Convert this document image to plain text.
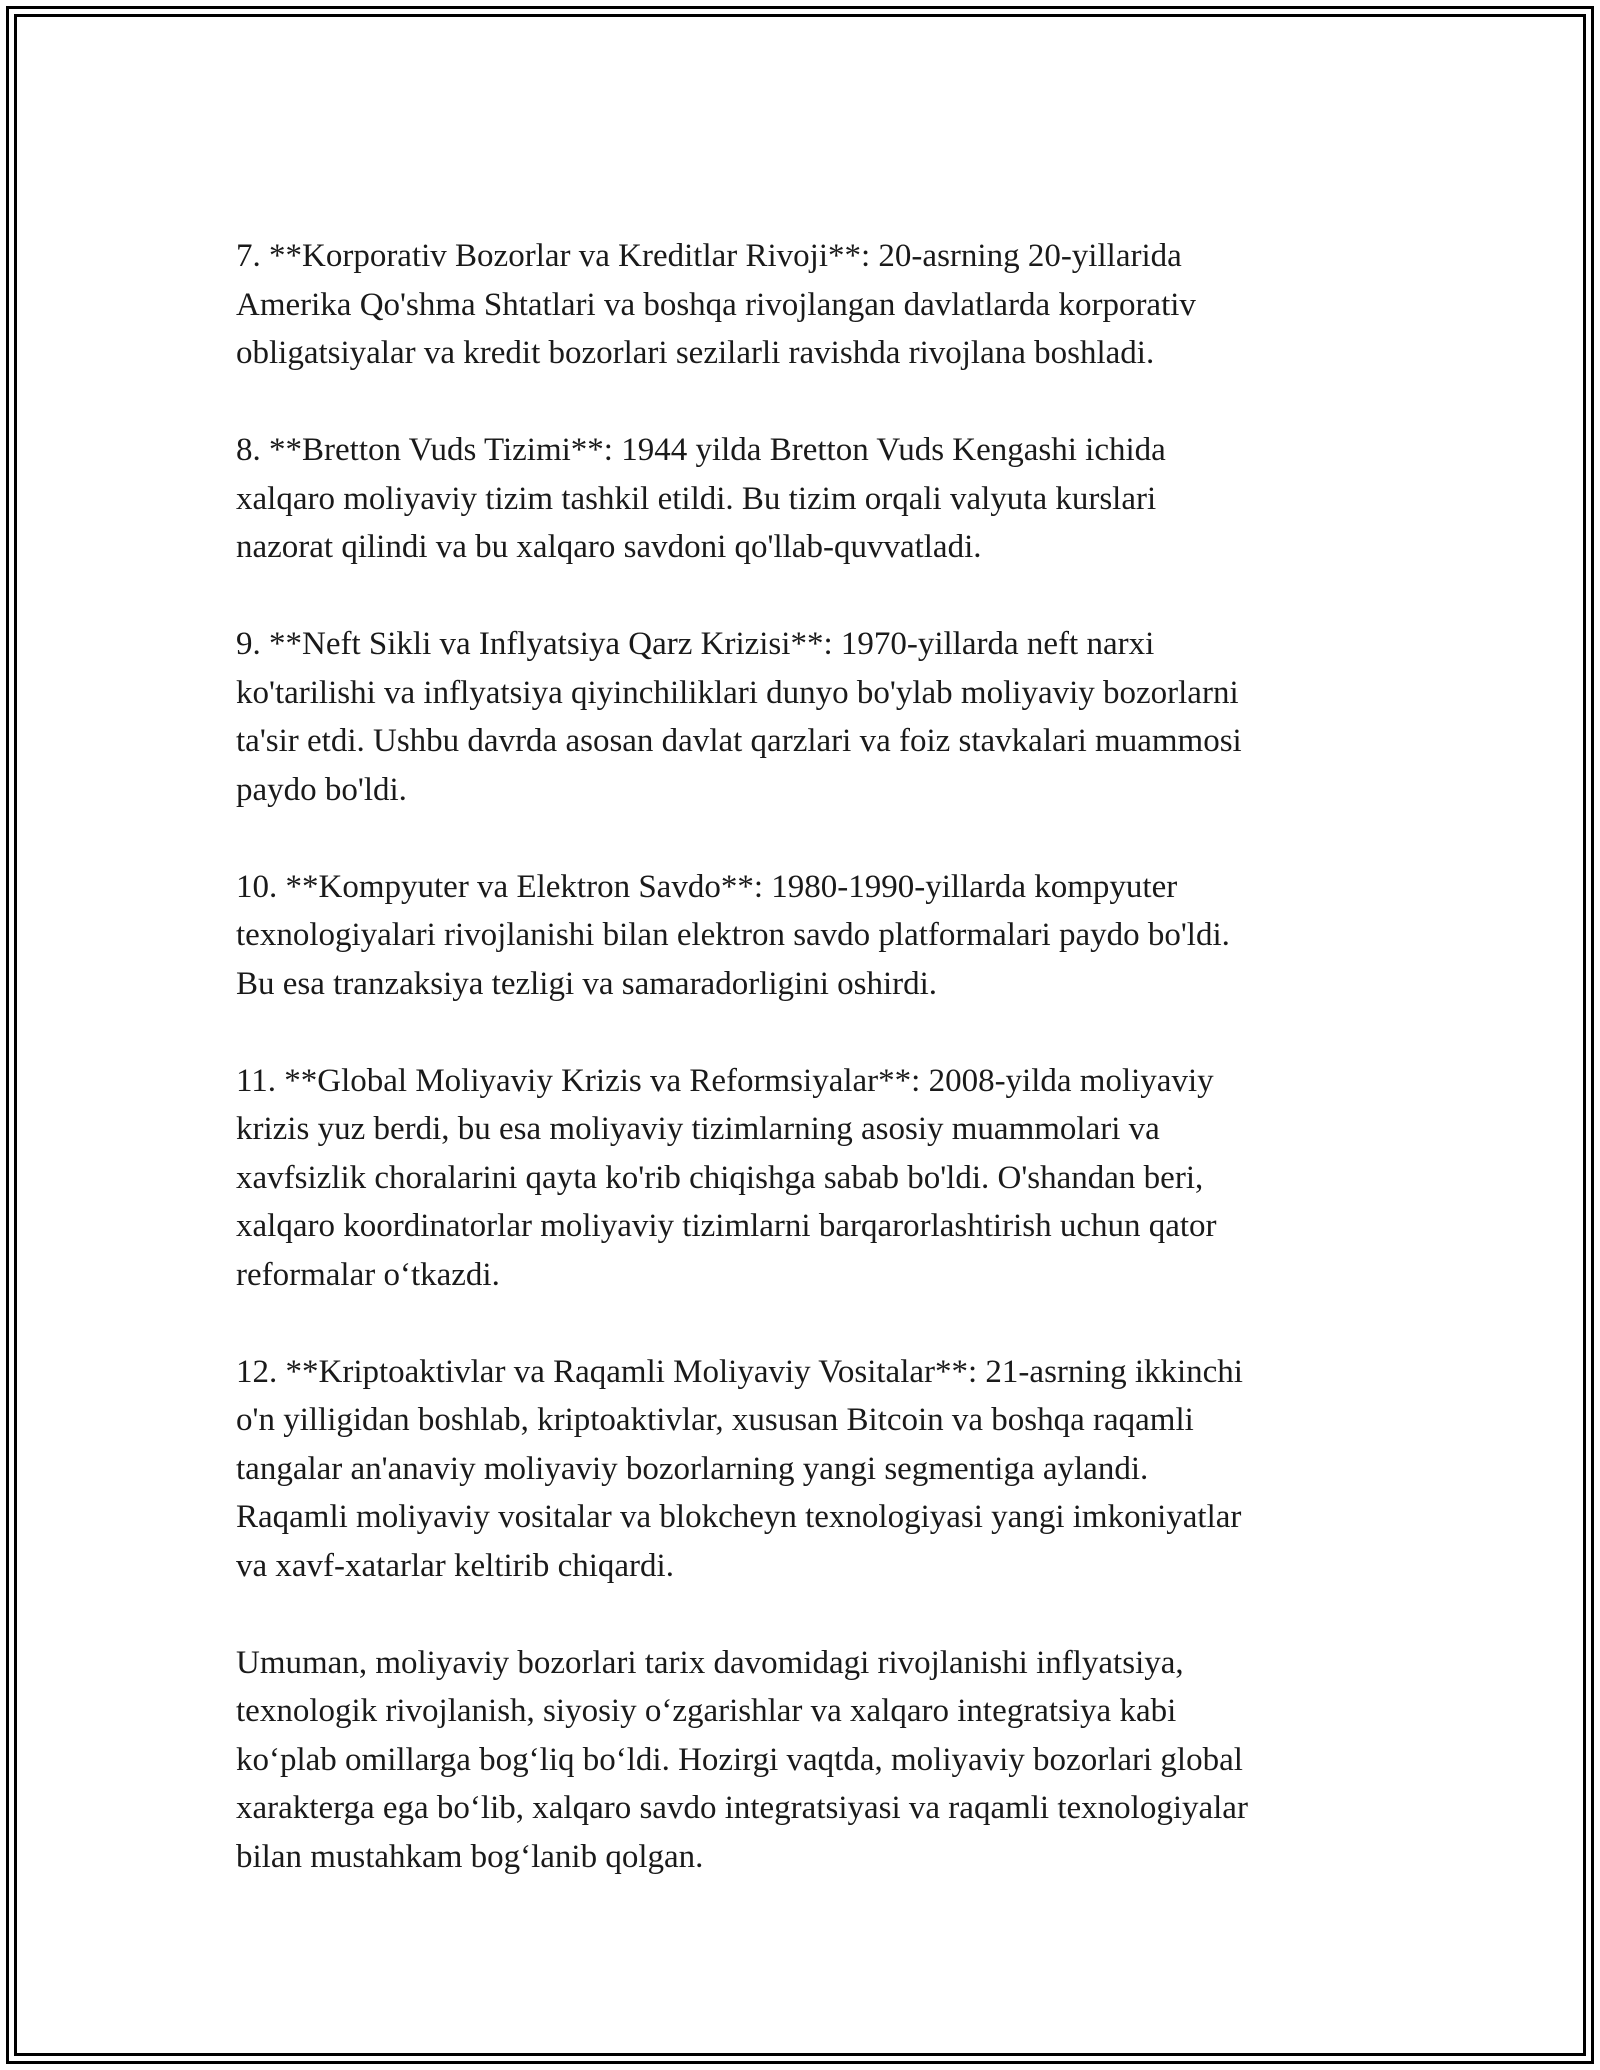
7. **Korporativ Bozorlar va Kreditlar Rivoji**: 20-asrning 20-yillarida
Amerika Qo'shma Shtatlari va boshqa rivojlangan davlatlarda korporativ
obligatsiyalar va kredit bozorlari sezilarli ravishda rivojlana boshladi.

8. **Bretton Vuds Tizimi**: 1944 yilda Bretton Vuds Kengashi ichida
xalqaro moliyaviy tizim tashkil etildi. Bu tizim orqali valyuta kurslari
nazorat qilindi va bu xalqaro savdoni qo'llab-quvvatladi.

9. **Neft Sikli va Inflyatsiya Qarz Krizisi**: 1970-yillarda neft narxi
ko'tarilishi va inflyatsiya qiyinchiliklari dunyo bo'ylab moliyaviy bozorlarni
ta'sir etdi. Ushbu davrda asosan davlat qarzlari va foiz stavkalari muammosi
paydo bo'ldi.

10. **Kompyuter va Elektron Savdo**: 1980-1990-yillarda kompyuter
texnologiyalari rivojlanishi bilan elektron savdo platformalari paydo bo'ldi.
Bu esa tranzaksiya tezligi va samaradorligini oshirdi.

11. **Global Moliyaviy Krizis va Reformsiyalar**: 2008-yilda moliyaviy
krizis yuz berdi, bu esa moliyaviy tizimlarning asosiy muammolari va
xavfsizlik choralarini qayta ko'rib chiqishga sabab bo'ldi. O'shandan beri,
xalqaro koordinatorlar moliyaviy tizimlarni barqarorlashtirish uchun qator
reformalar o‘tkazdi.

12. **Kriptoaktivlar va Raqamli Moliyaviy Vositalar**: 21-asrning ikkinchi
o'n yilligidan boshlab, kriptoaktivlar, xususan Bitcoin va boshqa raqamli
tangalar an'anaviy moliyaviy bozorlarning yangi segmentiga aylandi.
Raqamli moliyaviy vositalar va blokcheyn texnologiyasi yangi imkoniyatlar
va xavf-xatarlar keltirib chiqardi.

Umuman, moliyaviy bozorlari tarix davomidagi rivojlanishi inflyatsiya,
texnologik rivojlanish, siyosiy o‘zgarishlar va xalqaro integratsiya kabi
ko‘plab omillarga bog‘liq bo‘ldi. Hozirgi vaqtda, moliyaviy bozorlari global
xarakterga ega bo‘lib, xalqaro savdo integratsiyasi va raqamli texnologiyalar
bilan mustahkam bog‘lanib qolgan.
